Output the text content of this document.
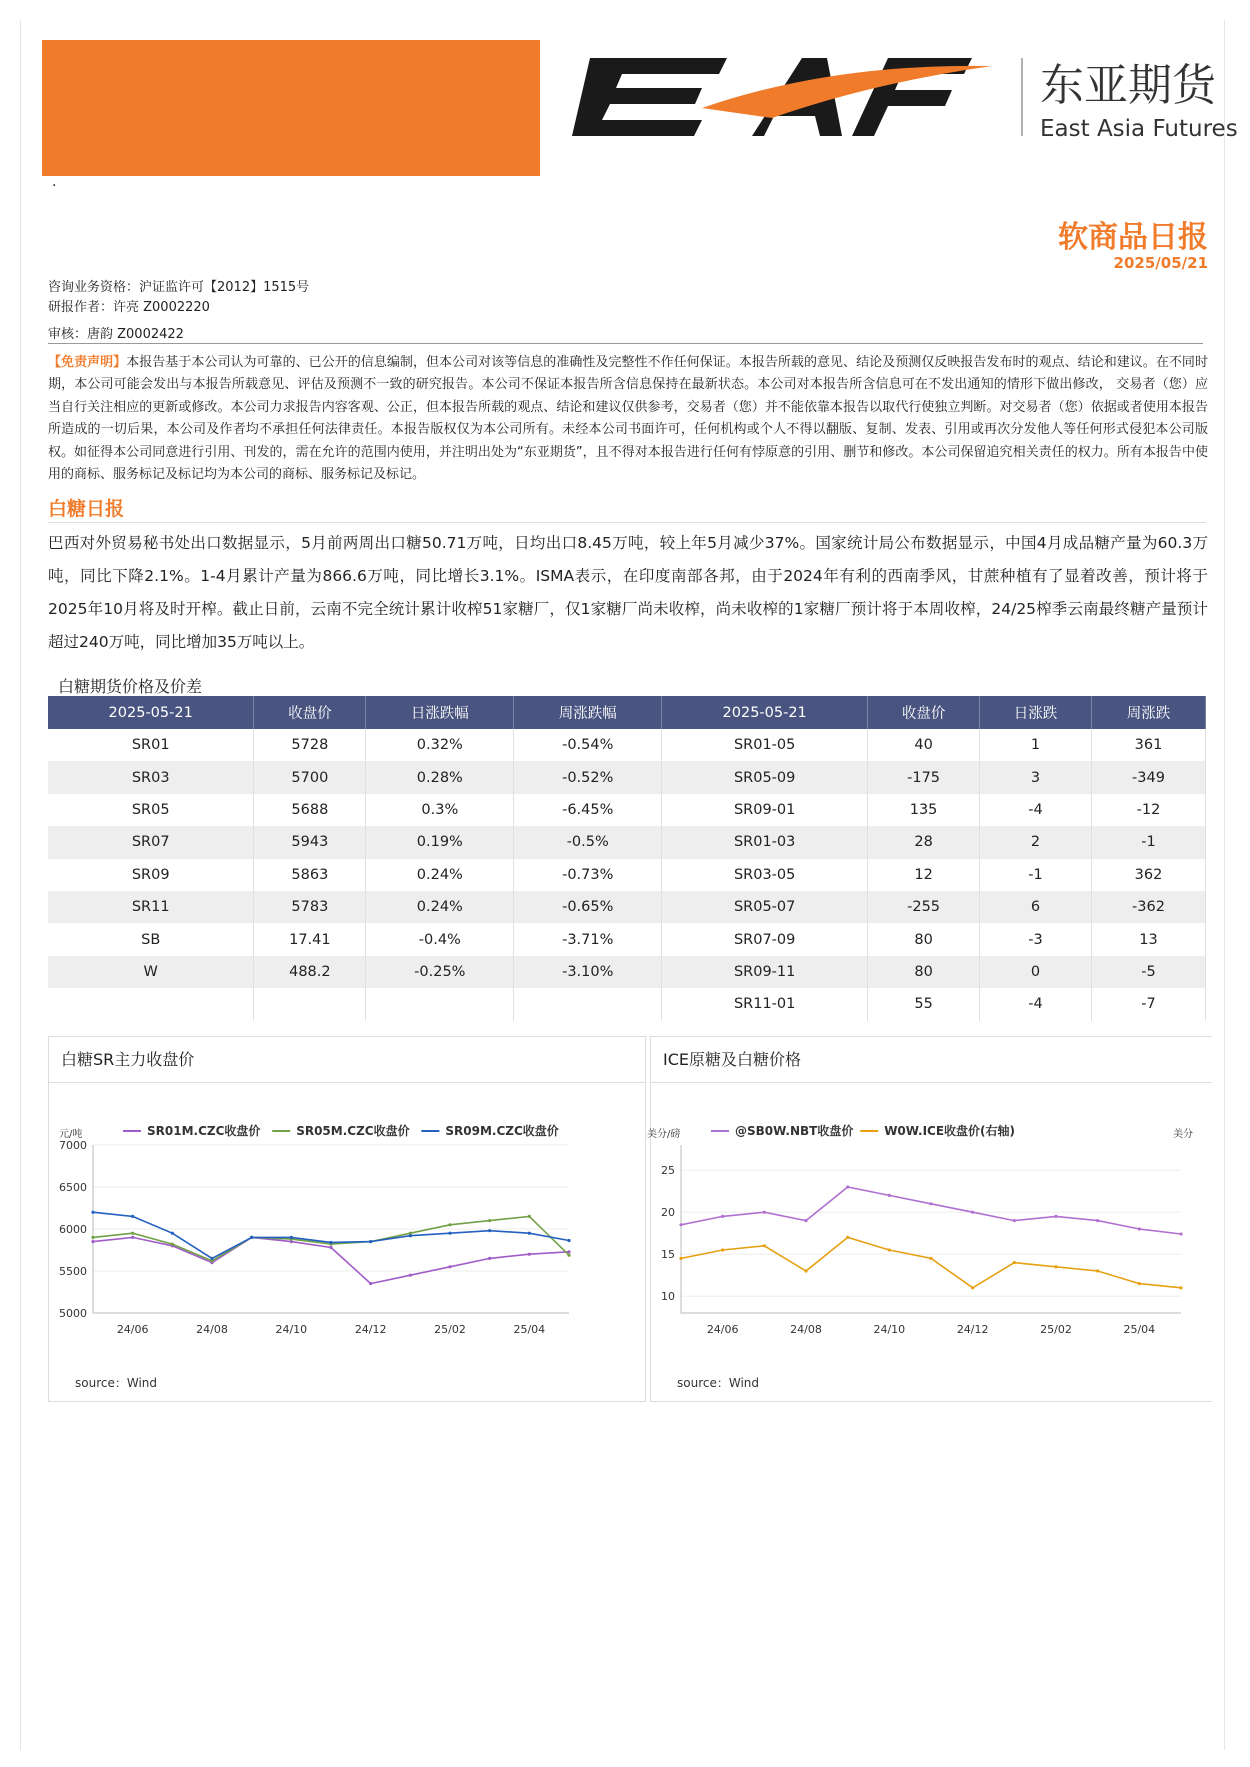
·
东亚期货
East Asia Futures
软商品日报
2025/05/21
咨询业务资格：沪证监许可【2012】1515号
研报作者：许亮 Z0002220
审核：唐韵 Z0002422
【免责声明】本报告基于本公司认为可靠的、已公开的信息编制，但本公司对该等信息的准确性及完整性不作任何保证。本报告所载的意见、结论及预测仅反映报告发布时的观点、结论和建议。在不同时期，本公司可能会发出与本报告所载意见、评估及预测不一致的研究报告。本公司不保证本报告所含信息保持在最新状态。本公司对本报告所含信息可在不发出通知的情形下做出修改， 交易者（您）应当自行关注相应的更新或修改。本公司力求报告内容客观、公正，但本报告所载的观点、结论和建议仅供参考，交易者（您）并不能依靠本报告以取代行使独立判断。对交易者（您）依据或者使用本报告所造成的一切后果，本公司及作者均不承担任何法律责任。本报告版权仅为本公司所有。未经本公司书面许可，任何机构或个人不得以翻版、复制、发表、引用或再次分发他人等任何形式侵犯本公司版权。如征得本公司同意进行引用、刊发的，需在允许的范围内使用，并注明出处为“东亚期货”，且不得对本报告进行任何有悖原意的引用、删节和修改。本公司保留追究相关责任的权力。所有本报告中使用的商标、服务标记及标记均为本公司的商标、服务标记及标记。
白糖日报
巴西对外贸易秘书处出口数据显示，5月前两周出口糖50.71万吨，日均出口8.45万吨，较上年5月减少37%。国家统计局公布数据显示，中国4月成品糖产量为60.3万吨，同比下降2.1%。1-4月累计产量为866.6万吨，同比增长3.1%。ISMA表示，在印度南部各邦，由于2024年有利的西南季风，甘蔗种植有了显着改善，预计将于2025年10月将及时开榨。截止日前，云南不完全统计累计收榨51家糖厂，仅1家糖厂尚未收榨，尚未收榨的1家糖厂预计将于本周收榨，24/25榨季云南最终糖产量预计超过240万吨，同比增加35万吨以上。
白糖期货价格及价差
2025-05-21	收盘价	日涨跌幅	周涨跌幅	2025-05-21	收盘价	日涨跌	周涨跌
SR01	5728	0.32%	-0.54%	SR01-05	40	1	361
SR03	5700	0.28%	-0.52%	SR05-09	-175	3	-349
SR05	5688	0.3%	-6.45%	SR09-01	135	-4	-12
SR07	5943	0.19%	-0.5%	SR01-03	28	2	-1
SR09	5863	0.24%	-0.73%	SR03-05	12	-1	362
SR11	5783	0.24%	-0.65%	SR05-07	-255	6	-362
SB	17.41	-0.4%	-3.71%	SR07-09	80	-3	13
W	488.2	-0.25%	-3.10%	SR09-11	80	0	-5
				SR11-01	55	-4	-7
白糖SR主力收盘价
元/吨
5000
5500
6000
6500
7000
24/06	24/08	24/10	24/12	25/02	25/04
SR01M.CZC收盘价	SR05M.CZC收盘价	SR09M.CZC收盘价
source：Wind
ICE原糖及白糖价格
美分/磅	美分
10
15
20
25
24/06	24/08	24/10	24/12	25/02	25/04
@SB0W.NBT收盘价	W0W.ICE收盘价(右轴)
source：Wind
